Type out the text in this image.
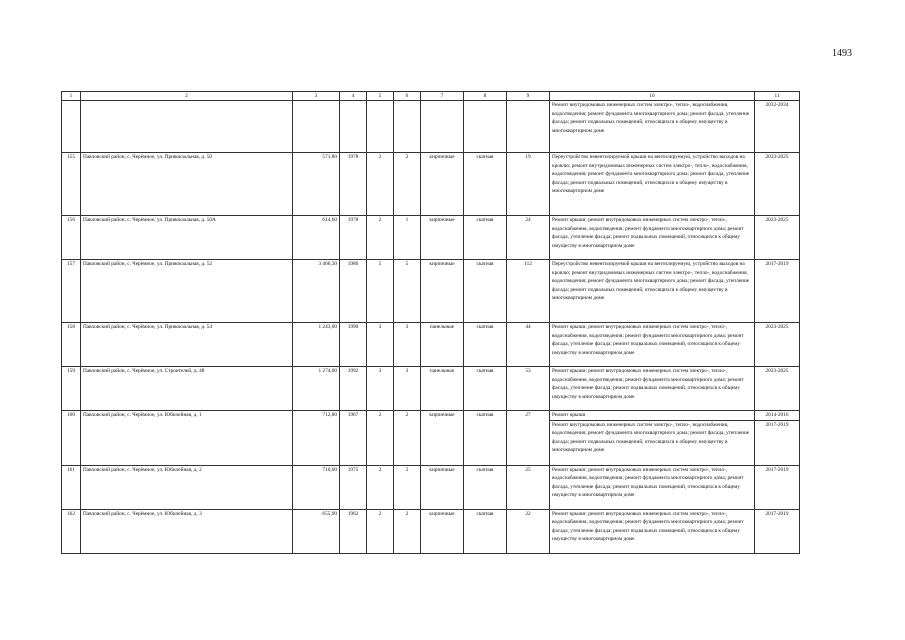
1493
1	2	3	4	5	6	7	8	9	10	11
									Ремонт внутридомовых инженерных систем электро-, тепло-, водоснабжения, водоотведения; ремонт фундамента многоквартирного дома; ремонт фасада, утепление фасада; ремонт подвальных помещений, относящихся к общему имуществу в многоквартирном доме	2032-2034
155	Павловский район, с. Черёмное, ул. Привокзальная, д. 50	571,80	1978	2	2	кирпичные	скатная	19	Переустройство невентилируемой крыши на вентилируемую, устройство выходов на кровлю; ремонт внутридомовых инженерных систем электро-, тепло-, водоснабжения, водоотведения; ремонт фундамента многоквартирного дома; ремонт фасада, утепление фасада; ремонт подвальных помещений, относящихся к общему имуществу в многоквартирном доме	2023-2025
156	Павловский район, с. Черёмное, ул. Привокзальная, д. 50А	614,60	1978	2	1	кирпичные	скатная	24	Ремонт крыши; ремонт внутридомовых инженерных систем электро-, тепло-, водоснабжения, водоотведения; ремонт фундамента многоквартирного дома; ремонт фасада, утепление фасада; ремонт подвальных помещений, относящихся к общему имуществу в многоквартирном доме	2023-2025
157	Павловский район, с. Черёмное, ул. Привокзальная, д. 52	3 466,30	1986	5	5	кирпичные	скатная	112	Переустройство невентилируемой крыши на вентилируемую, устройство выходов на кровлю; ремонт внутридомовых инженерных систем электро-, тепло-, водоснабжения, водоотведения; ремонт фундамента многоквартирного дома; ремонт фасада, утепление фасада; ремонт подвальных помещений, относящихся к общему имуществу в многоквартирном доме	2017-2019
158	Павловский район, с. Черёмное, ул. Привокзальная, д. 54	1 243,00	1990	3	3	панельные	скатная	44	Ремонт крыши; ремонт внутридомовых инженерных систем электро-, тепло-, водоснабжения, водоотведения; ремонт фундамента многоквартирного дома; ремонт фасада, утепление фасада; ремонт подвальных помещений, относящихся к общему имуществу в многоквартирном доме	2023-2025
159	Павловский район, с. Черёмное, ул. Строителей, д. 48	1 274,00	1992	3	3	панельные	скатная	53	Ремонт крыши; ремонт внутридомовых инженерных систем электро-, тепло-, водоснабжения, водоотведения; ремонт фундамента многоквартирного дома; ремонт фасада, утепление фасада; ремонт подвальных помещений, относящихся к общему имуществу в многоквартирном доме	2023-2025
160	Павловский район, с. Черёмное, ул. Юбилейная, д. 1	712,80	1967	2	2	кирпичные	скатная	27	Ремонт крыши	2014-2016
									Ремонт внутридомовых инженерных систем электро-, тепло-, водоснабжения, водоотведения; ремонт фундамента многоквартирного дома; ремонт фасада, утепление фасада; ремонт подвальных помещений, относящихся к общему имуществу в многоквартирном доме	2017-2019
161	Павловский район, с. Черёмное, ул. Юбилейная, д. 2	710,00	1975	2	2	кирпичные	скатная	25	Ремонт крыши; ремонт внутридомовых инженерных систем электро-, тепло-, водоснабжения, водоотведения; ремонт фундамента многоквартирного дома; ремонт фасада, утепление фасада; ремонт подвальных помещений, относящихся к общему имуществу в многоквартирном доме	2017-2019
162	Павловский район, с. Черёмное, ул. Юбилейная, д. 3	655,90	1962	2	2	кирпичные	скатная	22	Ремонт крыши; ремонт внутридомовых инженерных систем электро-, тепло-, водоснабжения, водоотведения; ремонт фундамента многоквартирного дома; ремонт фасада, утепление фасада; ремонт подвальных помещений, относящихся к общему имуществу в многоквартирном доме	2017-2019
